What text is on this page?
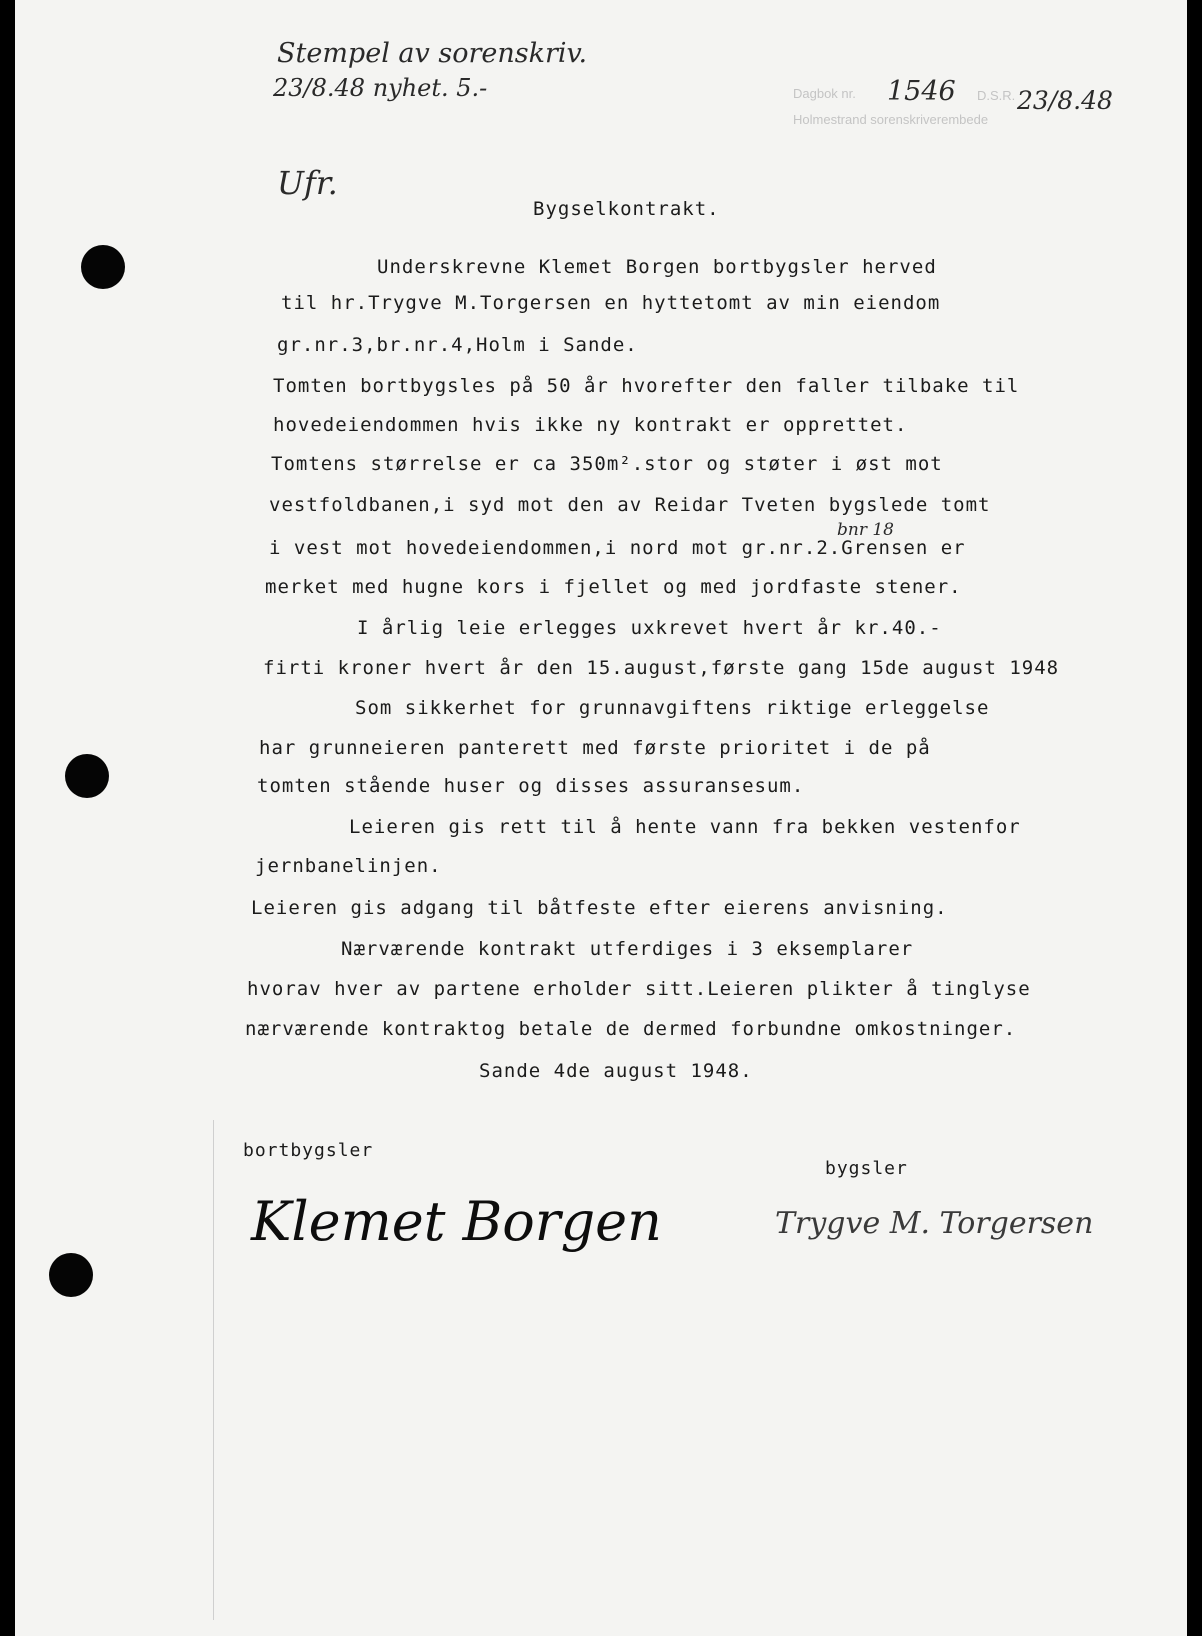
Stempel av sorenskriv.
23/8.48 nyhet. 5.-
Ufr.
Dagbok nr. 1546 D.S.R. 23/8.48
Holmestrand sorenskriverembede
Bygselkontrakt.
Underskrevne Klemet Borgen bortbygsler herved
til hr.Trygve M.Torgersen en hyttetomt av min eiendom
gr.nr.3,br.nr.4,Holm i Sande.
Tomten bortbygsles på 50 år hvorefter den faller tilbake til
hovedeiendommen hvis ikke ny kontrakt er opprettet.
Tomtens størrelse er ca 350m².stor og støter i øst mot
vestfoldbanen,i syd mot den av Reidar Tveten bygslede tomt
bnr 18
i vest mot hovedeiendommen,i nord mot gr.nr.2.Grensen er
merket med hugne kors i fjellet og med jordfaste stener.
I årlig leie erlegges uxkrevet hvert år kr.40.-
firti kroner hvert år den 15.august,første gang 15de august 1948
Som sikkerhet for grunnavgiftens riktige erleggelse
har grunneieren panterett med første prioritet i de på
tomten stående huser og disses assuransesum.
Leieren gis rett til å hente vann fra bekken vestenfor
jernbanelinjen.
Leieren gis adgang til båtfeste efter eierens anvisning.
Nærværende kontrakt utferdiges i 3 eksemplarer
hvorav hver av partene erholder sitt.Leieren plikter å tinglyse
nærværende kontraktog betale de dermed forbundne omkostninger.
Sande 4de august 1948.
bortbygsler
bygsler
Klemet Borgen	Trygve M. Torgersen
